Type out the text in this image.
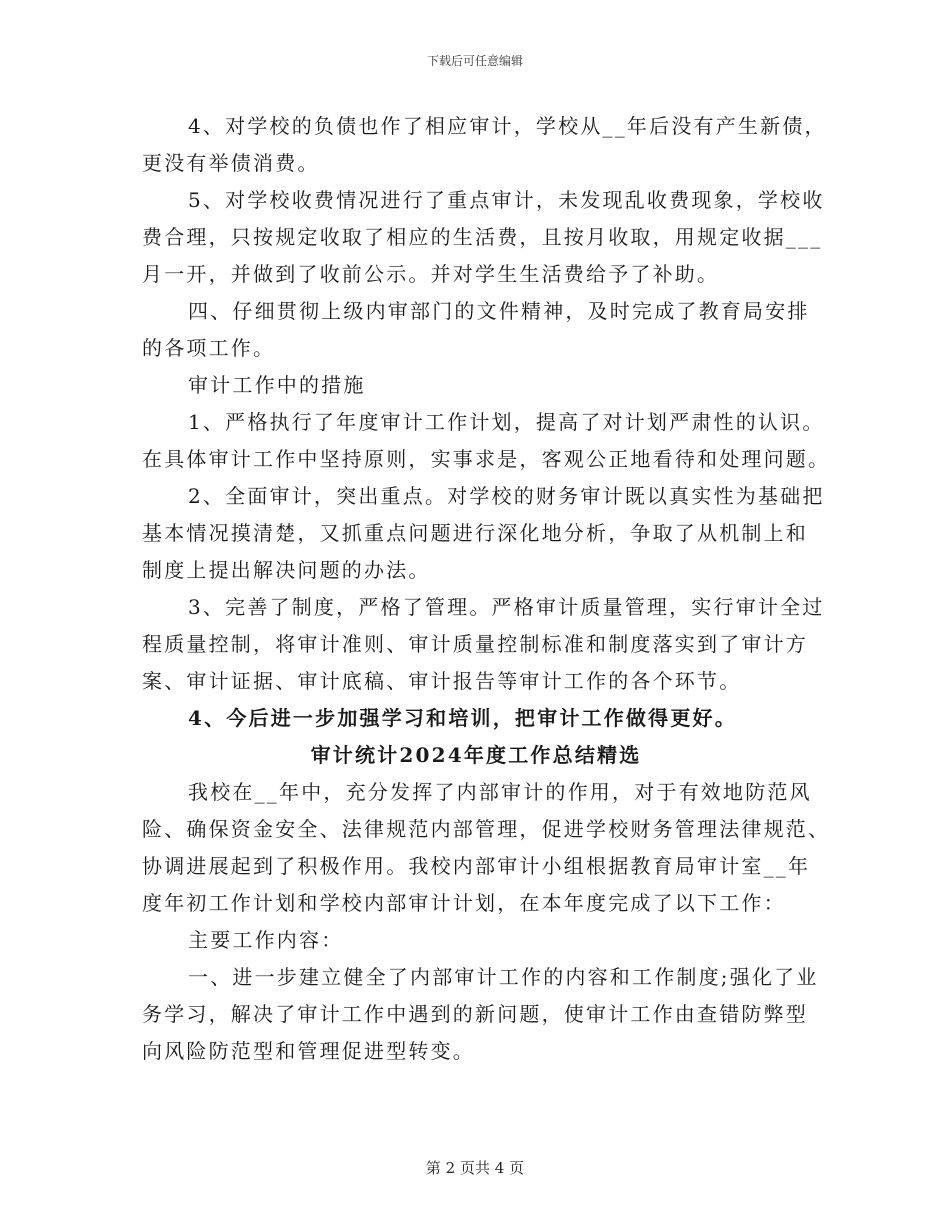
下载后可任意编辑
4、对学校的负债也作了相应审计，学校从__年后没有产生新债，
更没有举债消费。
5、对学校收费情况进行了重点审计，未发现乱收费现象，学校收
费合理，只按规定收取了相应的生活费，且按月收取，用规定收据___
月一开，并做到了收前公示。并对学生生活费给予了补助。
四、仔细贯彻上级内审部门的文件精神，及时完成了教育局安排
的各项工作。
审计工作中的措施
1、严格执行了年度审计工作计划，提高了对计划严肃性的认识。
在具体审计工作中坚持原则，实事求是，客观公正地看待和处理问题。
2、全面审计，突出重点。对学校的财务审计既以真实性为基础把
基本情况摸清楚，又抓重点问题进行深化地分析，争取了从机制上和
制度上提出解决问题的办法。
3、完善了制度，严格了管理。严格审计质量管理，实行审计全过
程质量控制，将审计准则、审计质量控制标准和制度落实到了审计方
案、审计证据、审计底稿、审计报告等审计工作的各个环节。
4、今后进一步加强学习和培训，把审计工作做得更好。
审计统计2024年度工作总结精选
我校在__年中，充分发挥了内部审计的作用，对于有效地防范风
险、确保资金安全、法律规范内部管理，促进学校财务管理法律规范、
协调进展起到了积极作用。我校内部审计小组根据教育局审计室__年
度年初工作计划和学校内部审计计划，在本年度完成了以下工作：
主要工作内容：
一、进一步建立健全了内部审计工作的内容和工作制度;强化了业
务学习，解决了审计工作中遇到的新问题，使审计工作由查错防弊型
向风险防范型和管理促进型转变。
第 2 页共 4 页
